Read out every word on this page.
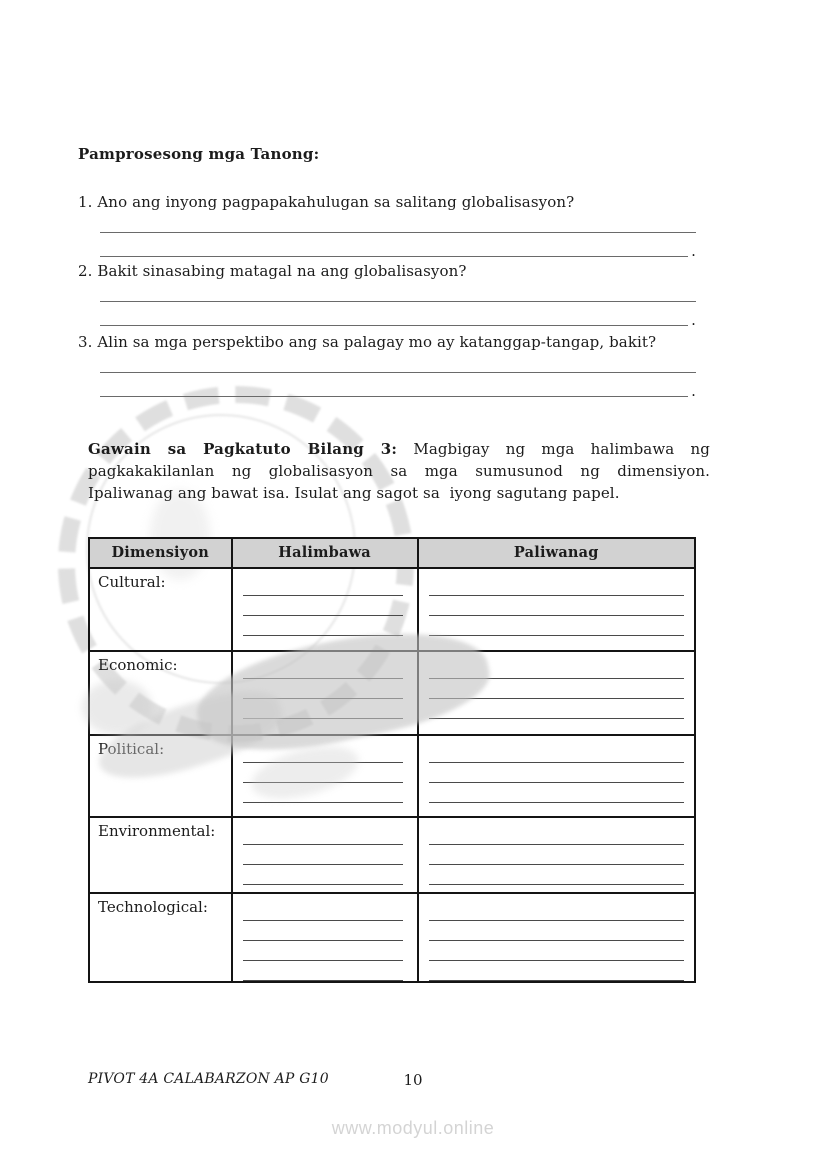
Pamprosesong mga Tanong:
1. Ano ang inyong pagpapakahulugan sa salitang globalisasyon?
.
2. Bakit sinasabing matagal na ang globalisasyon?
.
3. Alin sa mga perspektibo ang sa palagay mo ay katanggap-tangap, bakit?
.
Gawain sa Pagkatuto Bilang 3: Magbigay ng mga halimbawa ng pagkakakilanlan ng globalisasyon sa mga sumusunod ng dimensiyon. Ipaliwanag ang bawat isa. Isulat ang sagot sa  iyong sagutang papel.
Dimensiyon	Halimbawa	Paliwanag
Cultural:
Economic:
Political:
Environmental:
Technological:
PIVOT 4A CALABARZON AP G10	10
www.modyul.online
